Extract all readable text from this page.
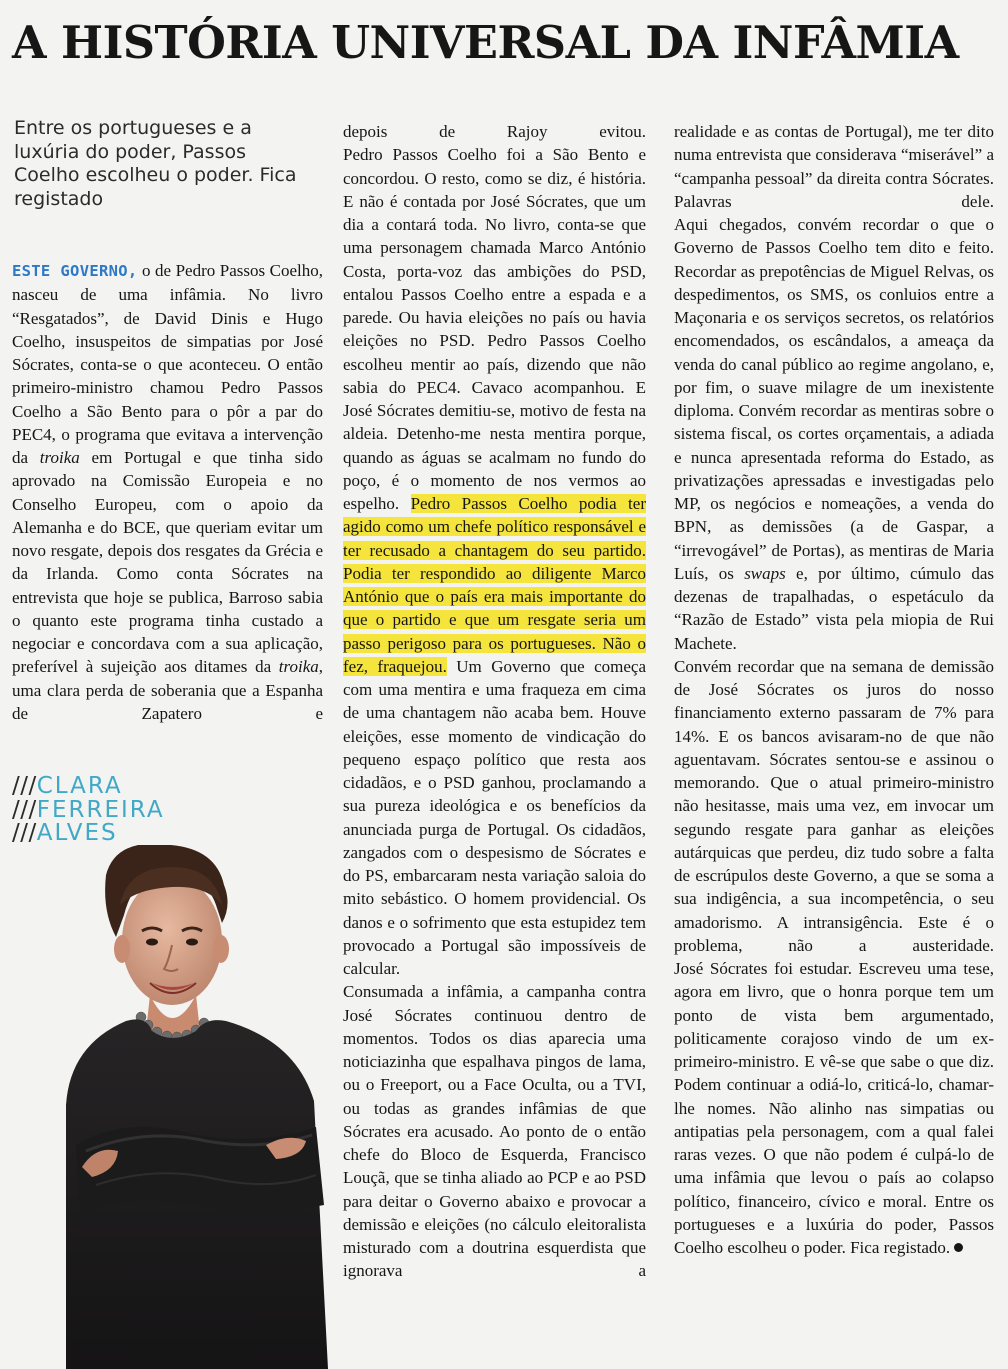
A HISTÓRIA UNIVERSAL DA INFÂMIA
Entre os portugueses e a luxúria do poder, Passos Coelho escolheu o poder. Fica registado

ESTE GOVERNO, o de Pedro Passos Coelho, nasceu de uma infâmia. No livro “Resgatados”, de David Dinis e Hugo Coelho, insuspeitos de simpatias por José Sócrates, conta-se o que aconteceu. O então primeiro-ministro chamou Pedro Passos Coelho a São Bento para o pôr a par do PEC4, o programa que evitava a intervenção da troika em Portugal e que tinha sido aprovado na Comissão Europeia e no Conselho Europeu, com o apoio da Alemanha e do BCE, que queriam evitar um novo resgate, depois dos resgates da Grécia e da Irlanda. Como conta Sócrates na entrevista que hoje se publica, Barroso sabia o quanto este programa tinha custado a negociar e concordava com a sua aplicação, preferível à sujeição aos ditames da troika, uma clara perda de soberania que a Espanha de Zapatero e

///CLARA
///FERREIRA
///ALVES

depois de Rajoy evitou.

Pedro Passos Coelho foi a São Bento e concordou. O resto, como se diz, é história. E não é contada por José Sócrates, que um dia a contará toda. No livro, conta-se que uma personagem chamada Marco António Costa, porta-voz das ambições do PSD, entalou Passos Coelho entre a espada e a parede. Ou havia eleições no país ou havia eleições no PSD. Pedro Passos Coelho escolheu mentir ao país, dizendo que não sabia do PEC4. Cavaco acompanhou. E José Sócrates demitiu-se, motivo de festa na aldeia. Detenho-me nesta mentira porque, quando as águas se acalmam no fundo do poço, é o momento de nos vermos ao espelho. Pedro Passos Coelho podia ter agido como um chefe político responsável e ter recusado a chantagem do seu partido. Podia ter respondido ao diligente Marco António que o país era mais importante do que o partido e que um resgate seria um passo perigoso para os portugueses. Não o fez, fraquejou. Um Governo que começa com uma mentira e uma fraqueza em cima de uma chantagem não acaba bem. Houve eleições, esse momento de vindicação do pequeno espaço político que resta aos cidadãos, e o PSD ganhou, proclamando a sua pureza ideológica e os benefícios da anunciada purga de Portugal. Os cidadãos, zangados com o despesismo de Sócrates e do PS, embarcaram nesta variação saloia do mito sebástico. O homem providencial. Os danos e o sofrimento que esta estupidez tem provocado a Portugal são impossíveis de calcular.

Consumada a infâmia, a campanha contra José Sócrates continuou dentro de momentos. Todos os dias aparecia uma noticiazinha que espalhava pingos de lama, ou o Freeport, ou a Face Oculta, ou a TVI, ou todas as grandes infâmias de que Sócrates era acusado. Ao ponto de o então chefe do Bloco de Esquerda, Francisco Louçã, que se tinha aliado ao PCP e ao PSD para deitar o Governo abaixo e provocar a demissão e eleições (no cálculo eleitoralista misturado com a doutrina esquerdista que ignorava a

realidade e as contas de Portugal), me ter dito numa entrevista que considerava “miserável” a “campanha pessoal” da direita contra Sócrates. Palavras dele.

Aqui chegados, convém recordar o que o Governo de Passos Coelho tem dito e feito. Recordar as prepotências de Miguel Relvas, os despedimentos, os SMS, os conluios entre a Maçonaria e os serviços secretos, os relatórios encomendados, os escândalos, a ameaça da venda do canal público ao regime angolano, e, por fim, o suave milagre de um inexistente diploma. Convém recordar as mentiras sobre o sistema fiscal, os cortes orçamentais, a adiada e nunca apresentada reforma do Estado, as privatizações apressadas e investigadas pelo MP, os negócios e nomeações, a venda do BPN, as demissões (a de Gaspar, a “irrevogável” de Portas), as mentiras de Maria Luís, os swaps e, por último, cúmulo das dezenas de trapalhadas, o espetáculo da “Razão de Estado” vista pela miopia de Rui Machete.

Convém recordar que na semana de demissão de José Sócrates os juros do nosso financiamento externo passaram de 7% para 14%. E os bancos avisaram-no de que não aguentavam. Sócrates sentou-se e assinou o memorando. Que o atual primeiro-ministro não hesitasse, mais uma vez, em invocar um segundo resgate para ganhar as eleições autárquicas que perdeu, diz tudo sobre a falta de escrúpulos deste Governo, a que se soma a sua indigência, a sua incompetência, o seu amadorismo. A intransigência. Este é o problema, não a austeridade.

José Sócrates foi estudar. Escreveu uma tese, agora em livro, que o honra porque tem um ponto de vista bem argumentado, politicamente corajoso vindo de um ex-primeiro-ministro. E vê-se que sabe o que diz. Podem continuar a odiá-lo, criticá-lo, chamar-lhe nomes. Não alinho nas simpatias ou antipatias pela personagem, com a qual falei raras vezes. O que não podem é culpá-lo de uma infâmia que levou o país ao colapso político, financeiro, cívico e moral. Entre os portugueses e a luxúria do poder, Passos Coelho escolheu o poder. Fica registado.
